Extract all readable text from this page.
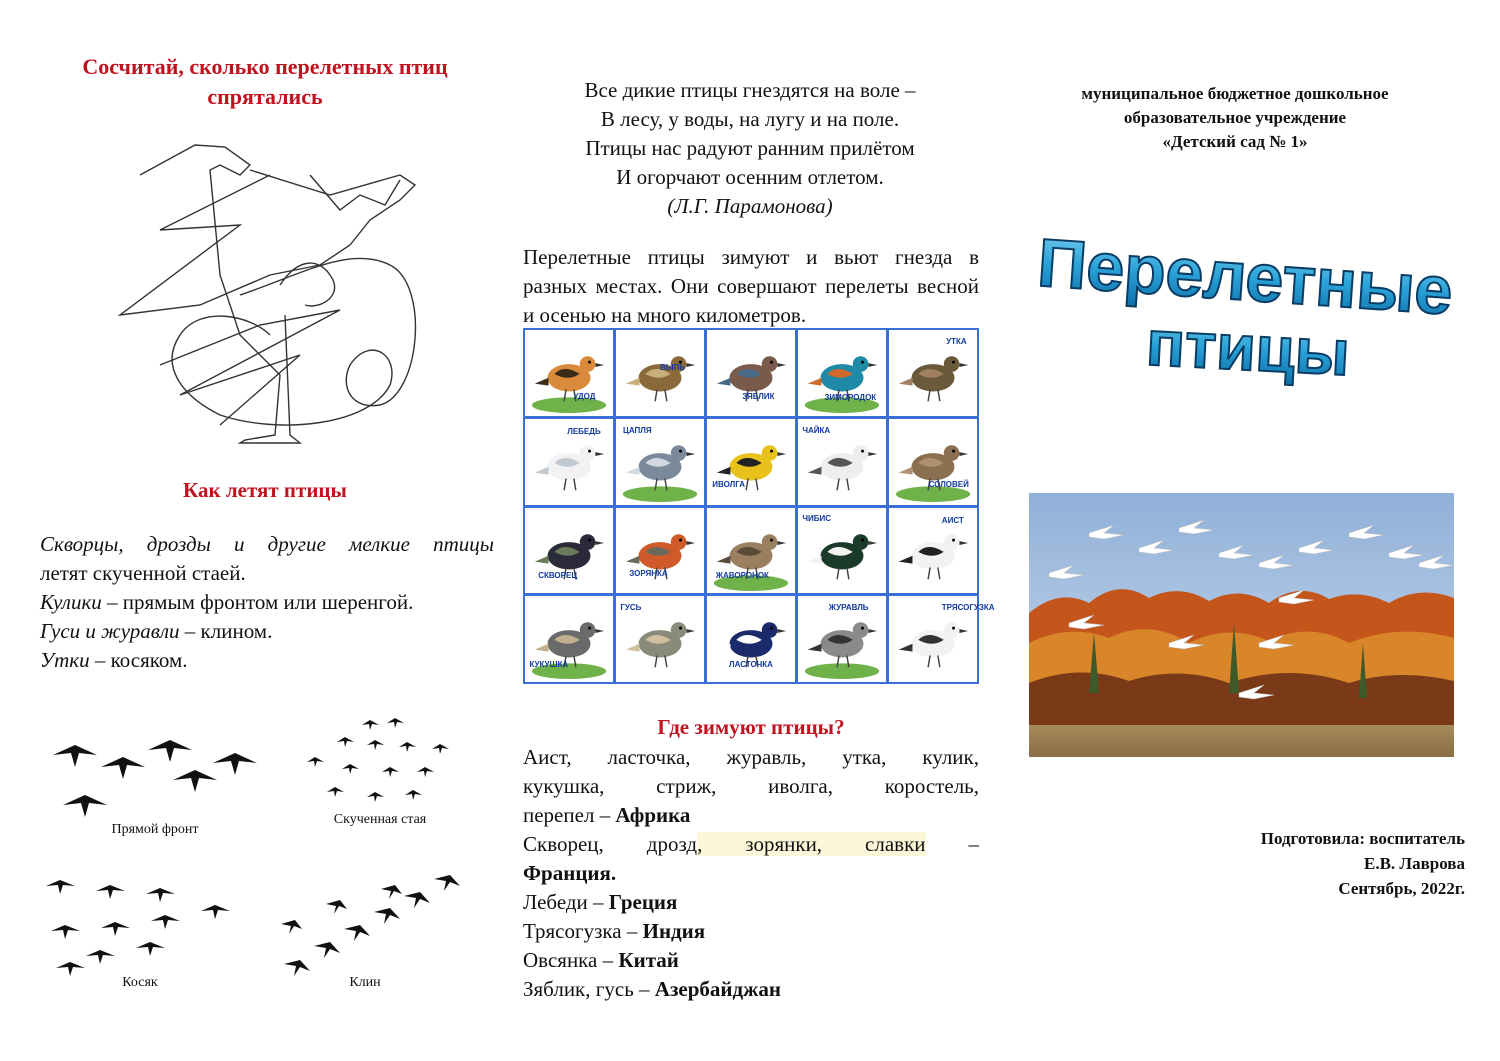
Сосчитай, сколько перелетных птиц спрятались
Как летят птицы

Скворцы, дрозды и другие мелкие птицы

летят скученной стаей.

Кулики – прямым фронтом или шеренгой.

Гуси и журавли – клином.

Утки – косяком.

Прямой фронт
Скученная стая
Косяк	Клин

Все дикие птицы гнездятся на воле –

В лесу, у воды, на лугу и на поле.

Птицы нас радуют ранним прилётом

И огорчают осенним отлетом.

(Л.Г. Парамонова)

Перелетные птицы зимуют и вьют гнезда в разных местах. Они совершают перелеты весной и осенью на много километров.
УДОД
ВЫПЬ
ЗЯБЛИК	ЗИМОРОДОК
УТКА
ЛЕБЕДЬ	ЦАПЛЯ
ИВОЛГА
ЧАЙКА
СОЛОВЕЙ
СКВОРЕЦ	ЗОРЯНКА	ЖАВОРОНОК
ЧИБИС	АИСТ
КУКУШКА
ГУСЬ
ЛАСТОЧКА
ЖУРАВЛЬ	ТРЯСОГУЗКА
Где зимуют птицы?

Аист, ласточка, журавль, утка, кулик,

кукушка, стриж, иволга, коростель,

перепел – Африка

Скворец, дрозд, зорянки, славки –

Франция.

Лебеди – Греция

Трясогузка – Индия

Овсянка – Китай

Зяблик, гусь – Азербайджан

муниципальное бюджетное дошкольное
образовательное учреждение
«Детский сад № 1»
Перелетные
птицы
Подготовила: воспитатель
Е.В. Лаврова
Сентябрь, 2022г.
